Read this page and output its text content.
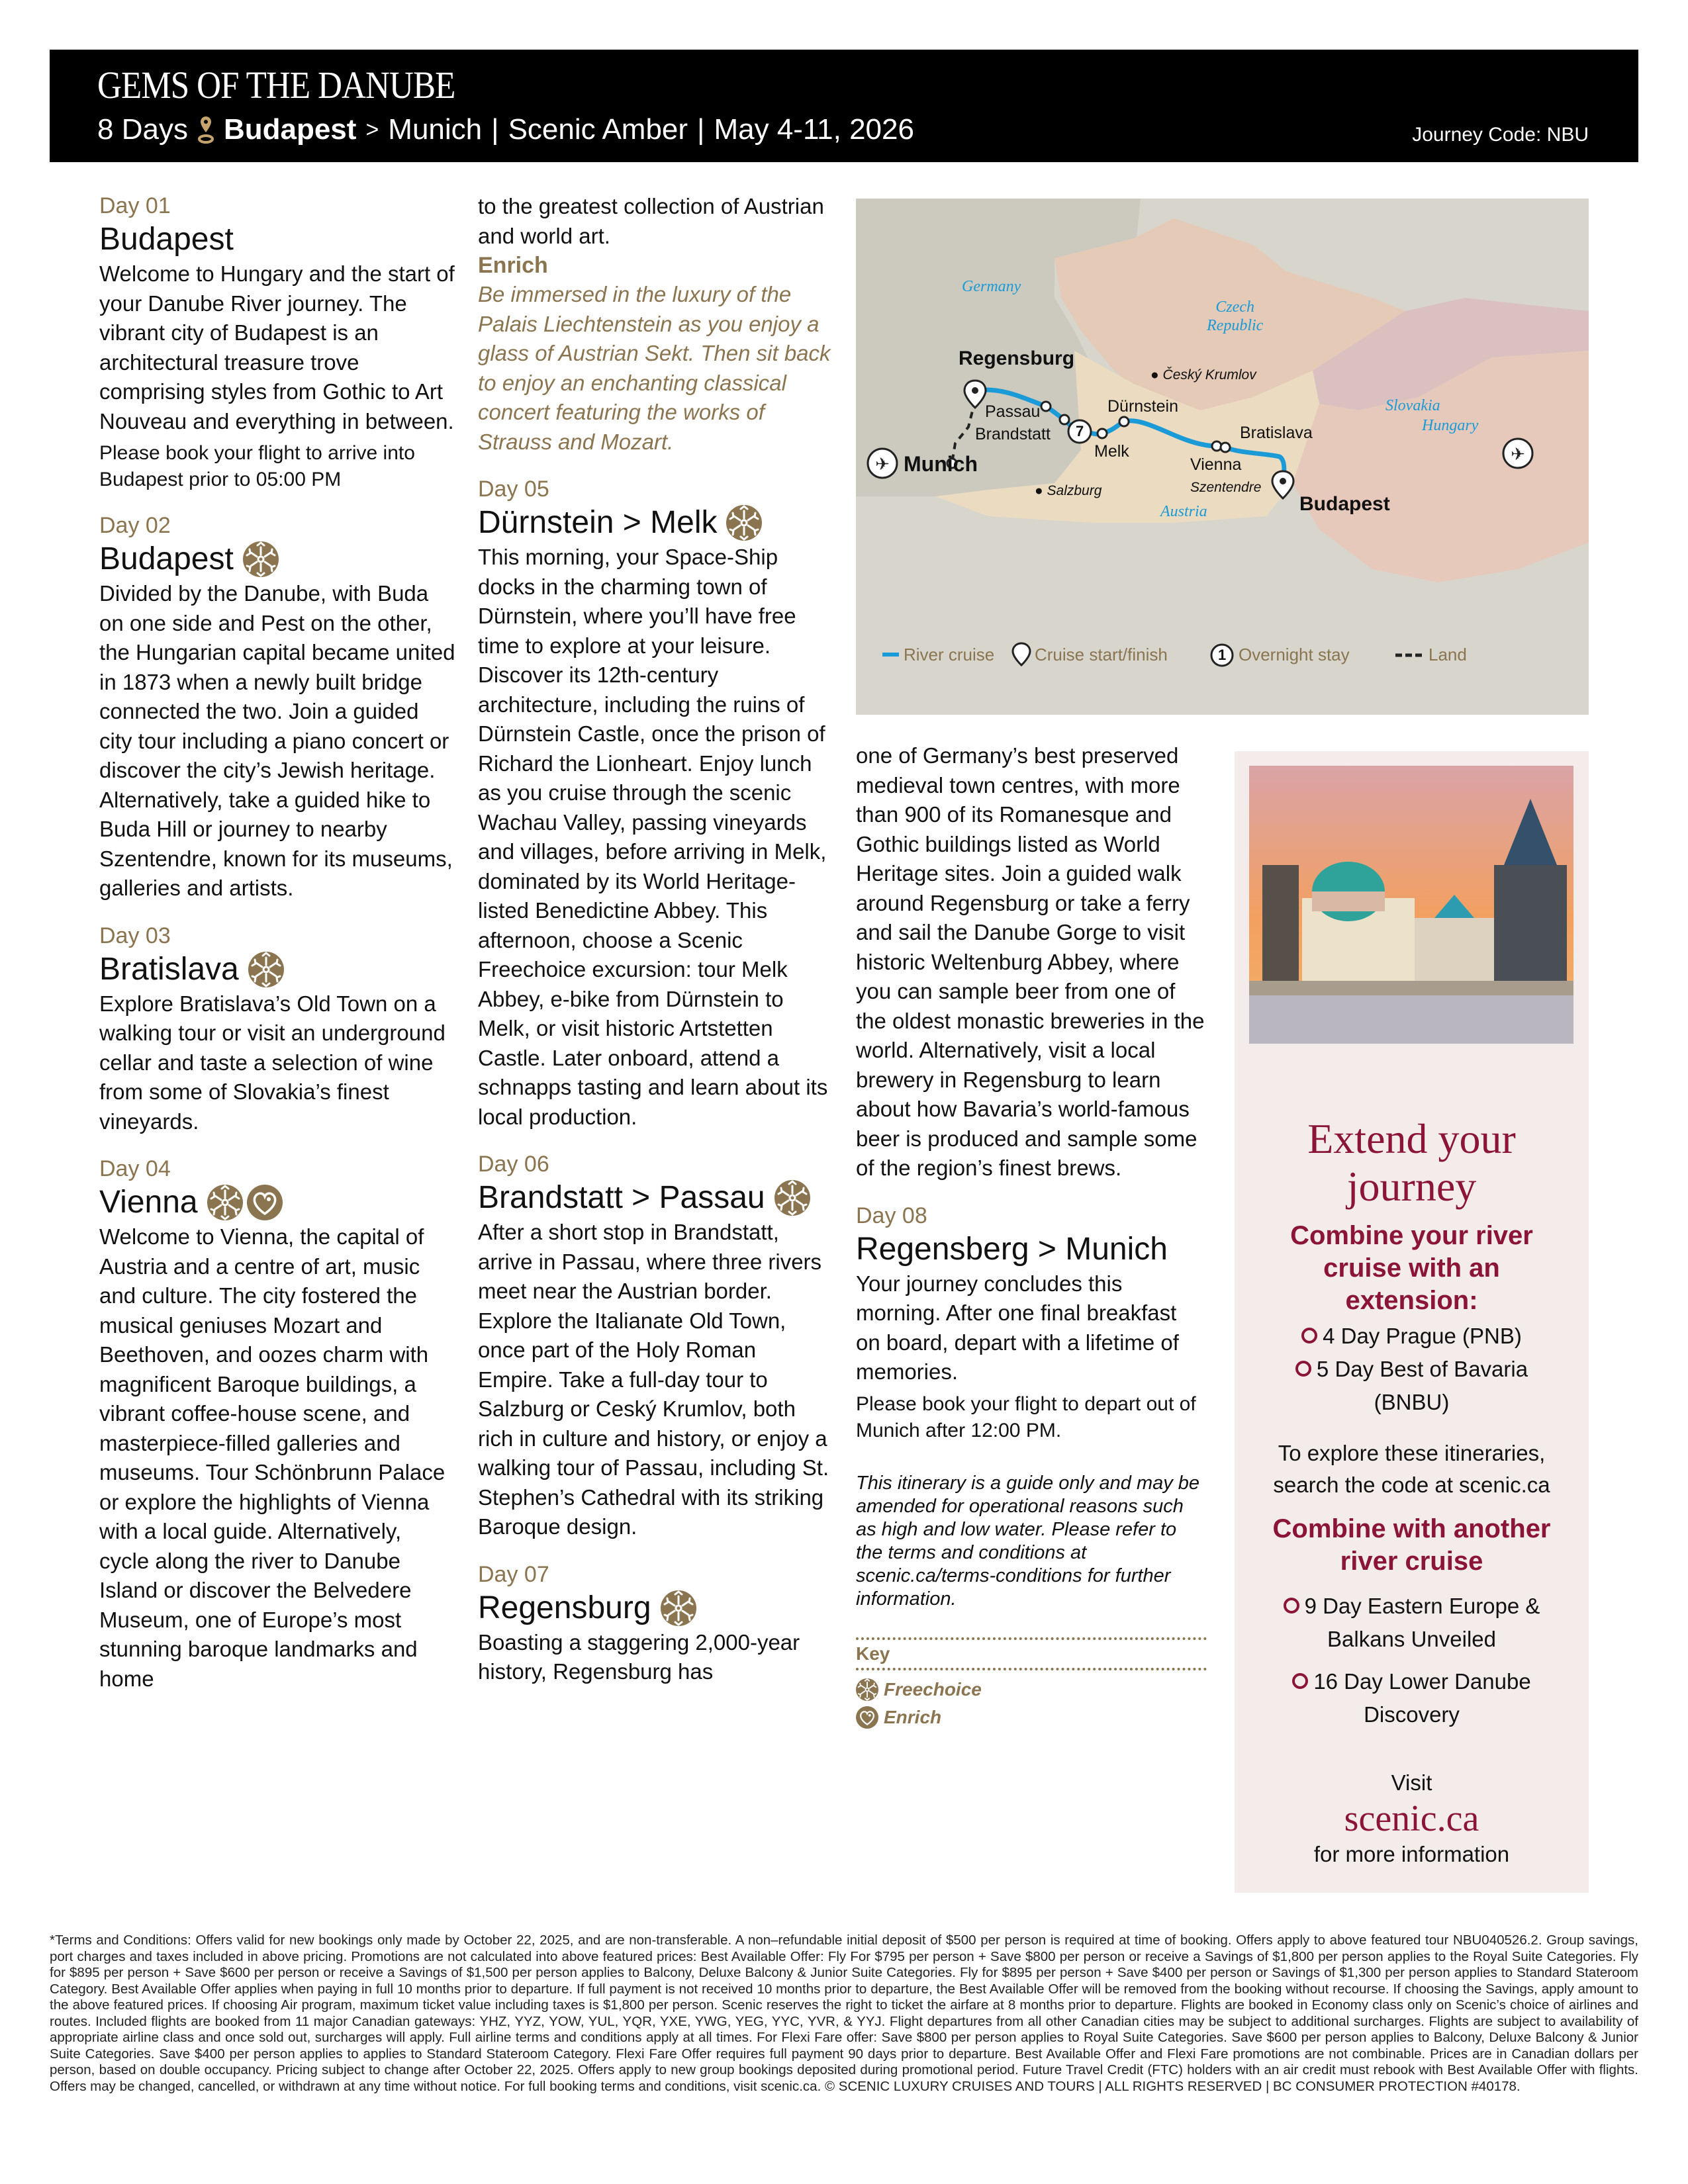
GEMS OF THE DANUBE
8 Days Budapest > Munich | Scenic Amber | May 4-11, 2026	Journey Code: NBU
Day 01
Budapest
Welcome to Hungary and the start of your Danube River journey. The vibrant city of Budapest is an architectural treasure trove comprising styles from Gothic to Art Nouveau and everything in between.
Please book your flight to arrive into Budapest prior to 05:00 PM
Day 02
Budapest
Divided by the Danube, with Buda on one side and Pest on the other, the Hungarian capital became united in 1873 when a newly built bridge connected the two. Join a guided city tour including a piano concert or discover the city’s Jewish heritage. Alternatively, take a guided hike to Buda Hill or journey to nearby Szentendre, known for its museums, galleries and artists.
Day 03
Bratislava
Explore Bratislava’s Old Town on a walking tour or visit an underground cellar and taste a selection of wine from some of Slovakia’s finest vineyards.
Day 04
Vienna
Welcome to Vienna, the capital of Austria and a centre of art, music and culture. The city fostered the musical geniuses Mozart and Beethoven, and oozes charm with magnificent Baroque buildings, a vibrant coffee-house scene, and masterpiece-filled galleries and museums. Tour Schönbrunn Palace or explore the highlights of Vienna with a local guide. Alternatively, cycle along the river to Danube Island or discover the Belvedere Museum, one of Europe’s most stunning baroque landmarks and home
to the greatest collection of Austrian and world art.
Enrich
Be immersed in the luxury of the Palais Liechtenstein as you enjoy a glass of Austrian Sekt. Then sit back to enjoy an enchanting classical concert featuring the works of Strauss and Mozart.
Day 05
Dürnstein > Melk
This morning, your Space-Ship docks in the charming town of Dürnstein, where you’ll have free time to explore at your leisure. Discover its 12th-century architecture, including the ruins of Dürnstein Castle, once the prison of Richard the Lionheart. Enjoy lunch as you cruise through the scenic Wachau Valley, passing vineyards and villages, before arriving in Melk, dominated by its World Heritage-listed Benedictine Abbey. This afternoon, choose a Scenic Freechoice excursion: tour Melk Abbey, e-bike from Dürnstein to Melk, or visit historic Artstetten Castle. Later onboard, attend a schnapps tasting and learn about its local production.
Day 06
Brandstatt > Passau
After a short stop in Brandstatt, arrive in Passau, where three rivers meet near the Austrian border. Explore the Italianate Old Town, once part of the Holy Roman Empire. Take a full-day tour to Salzburg or Ceský Krumlov, both rich in culture and history, or enjoy a walking tour of Passau, including St. Stephen’s Cathedral with its striking Baroque design.
Day 07
Regensburg
Boasting a staggering 2,000-year history, Regensburg has
✈	✈
Germany
Czech
Republic
Slovakia
Hungary
Austria
Regensburg
Munich
Passau
Brandstatt
Melk
Dürnstein
Vienna
Bratislava
Budapest
● Český Krumlov
● Salzburg	Szentendre
7
River cruise Cruise start/finish	1 Overnight stay	Land
one of Germany’s best preserved medieval town centres, with more than 900 of its Romanesque and Gothic buildings listed as World Heritage sites. Join a guided walk around Regensburg or take a ferry and sail the Danube Gorge to visit historic Weltenburg Abbey, where you can sample beer from one of the oldest monastic breweries in the world. Alternatively, visit a local brewery in Regensburg to learn about how Bavaria’s world-famous beer is produced and sample some of the region’s finest brews.
Day 08
Regensberg > Munich
Your journey concludes this morning. After one final breakfast on board, depart with a lifetime of memories.
Please book your flight to depart out of Munich after 12:00 PM.
This itinerary is a guide only and may be amended for operational reasons such as high and low water. Please refer to the terms and conditions at scenic.ca/terms-conditions for further information.
Key
Freechoice
Enrich
Extend your
journey
Combine your river cruise with an extension:
4 Day Prague (PNB)
5 Day Best of Bavaria (BNBU)
To explore these itineraries, search the code at scenic.ca
Combine with another river cruise
9 Day Eastern Europe & Balkans Unveiled
16 Day Lower Danube Discovery
Visit
scenic.ca
for more information
*Terms and Conditions: Offers valid for new bookings only made by October 22, 2025, and are non-transferable. A non–refundable initial deposit of $500 per person is required at time of booking. Offers apply to above featured tour NBU040526.2. Group savings, port charges and taxes included in above pricing. Promotions are not calculated into above featured prices: Best Available Offer: Fly For $795 per person + Save $800 per person or receive a Savings of $1,800 per person applies to the Royal Suite Categories. Fly for $895 per person + Save $600 per person or receive a Savings of $1,500 per person applies to Balcony, Deluxe Balcony & Junior Suite Categories. Fly for $895 per person + Save $400 per person or Savings of $1,300 per person applies to Standard Stateroom Category. Best Available Offer applies when paying in full 10 months prior to departure. If full payment is not received 10 months prior to departure, the Best Available Offer will be removed from the booking without recourse. If choosing the Savings, apply amount to the above featured prices. If choosing Air program, maximum ticket value including taxes is $1,800 per person. Scenic reserves the right to ticket the airfare at 8 months prior to departure. Flights are booked in Economy class only on Scenic’s choice of airlines and routes. Included flights are booked from 11 major Canadian gateways: YHZ, YYZ, YOW, YUL, YQR, YXE, YWG, YEG, YYC, YVR, & YYJ. Flight departures from all other Canadian cities may be subject to additional surcharges. Flights are subject to availability of appropriate airline class and once sold out, surcharges will apply. Full airline terms and conditions apply at all times. For Flexi Fare offer: Save $800 per person applies to Royal Suite Categories. Save $600 per person applies to Balcony, Deluxe Balcony & Junior Suite Categories. Save $400 per person applies to applies to Standard Stateroom Category. Flexi Fare Offer requires full payment 90 days prior to departure. Best Available Offer and Flexi Fare promotions are not combinable. Prices are in Canadian dollars per person, based on double occupancy. Pricing subject to change after October 22, 2025. Offers apply to new group bookings deposited during promotional period. Future Travel Credit (FTC) holders with an air credit must rebook with Best Available Offer with flights. Offers may be changed, cancelled, or withdrawn at any time without notice. For full booking terms and conditions, visit scenic.ca. © SCENIC LUXURY CRUISES AND TOURS | ALL RIGHTS RESERVED | BC CONSUMER PROTECTION #40178.
